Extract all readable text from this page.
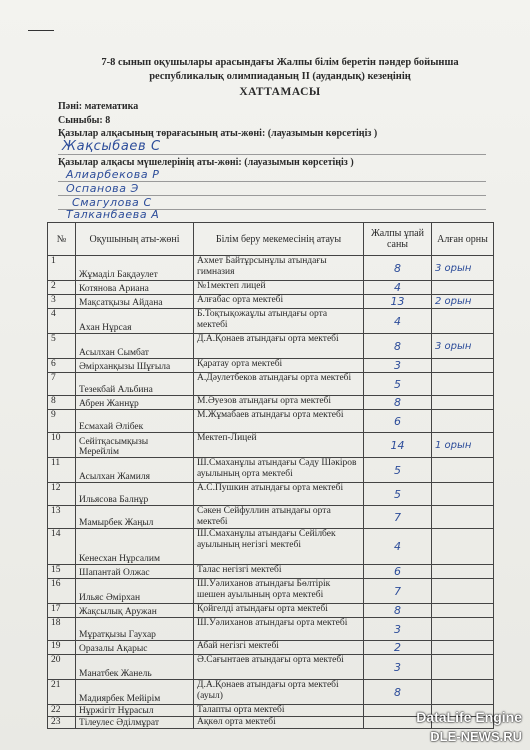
7-8 сынып оқушылары арасындағы Жалпы білім беретін пәндер бойынша
республикалық олимпиаданың ІІ (аудандық) кезеңінің
ХАТТАМАСЫ
Пәні: математика
Сыныбы: 8
Қазылар алқасының төрағасының аты-жөні: (лауазымын көрсетіңіз )
Жақсыбаев С
Қазылар алқасы мүшелерінің аты-жөні: (лауазымын көрсетіңіз )
Алиарбекова Р
Оспанова Э
Смагулова С
Талканбаева А
№	Оқушының аты-жөні	Білім беру мекемесінің атауы	Жалпы ұпай саны	Алған орны
1	Жұмаділ Бақдәулет	Ахмет Байтұрсынұлы атындағы гимназия	8	3 орын
2	Котянова Ариана	№1мектеп лицей	4	
3	Мақсатқызы Айдана	Алғабас орта мектебі	13	2 орын
4	Ахан Нұрсая	Б.Тоқтықожаұлы атындағы орта мектебі	4	
5	Асылхан Сымбат	Д.А.Қонаев атындағы орта мектебі	8	3 орын
6	Әмірханқызы Шұғыла	Қаратау орта мектебі	3	
7	Тезекбай Альбина	А.Дәулетбеков атындағы орта мектебі	5	
8	Абрен Жаннұр	М.Әуезов атындағы орта мектебі	8	
9	Есмахай Әлібек	М.Жұмабаев атындағы орта мектебі	6	
10	Сейітқасымқызы Мерейлім	Мектеп-Лицей	14	1 орын
11	Асылхан Жамиля	Ш.Смаханұлы атындағы Сәду Шәкіров ауылының орта мектебі	5	
12	Ильясова Балнұр	А.С.Пушкин атындағы орта мектебі	5	
13	Мамырбек Жаңыл	Сәкен Сейфуллин атындағы орта мектебі	7	
14	Кенесхан Нұрсалим	Ш.Смаханұлы атындағы Сейілбек ауылының негізгі мектебі	4	
15	Шапантай Олжас	Талас негізгі мектебі	6	
16	Ильяс Әмірхан	Ш.Уәлиханов атындағы Бөлтірік шешен ауылының орта мектебі	7	
17	Жақсылық Аружан	Қойгелді атындағы орта мектебі	8	
18	Мұратқызы Гаухар	Ш.Уәлиханов атындағы орта мектебі	3	
19	Оразалы Ақарыс	Абай негізгі мектебі	2	
20	Манатбек Жанель	Ә.Сағынтаев атындағы орта мектебі	3	
21	Мадиярбек Мейірім	Д.А.Қонаев атындағы орта мектебі (ауыл)	8	
22	Нұржігіт Нұрасыл	Талапты орта мектебі		
23	Тілеулес Әділмұрат	Ақкөл орта мектебі			DataLife Engine
DLE-NEWS.RU
